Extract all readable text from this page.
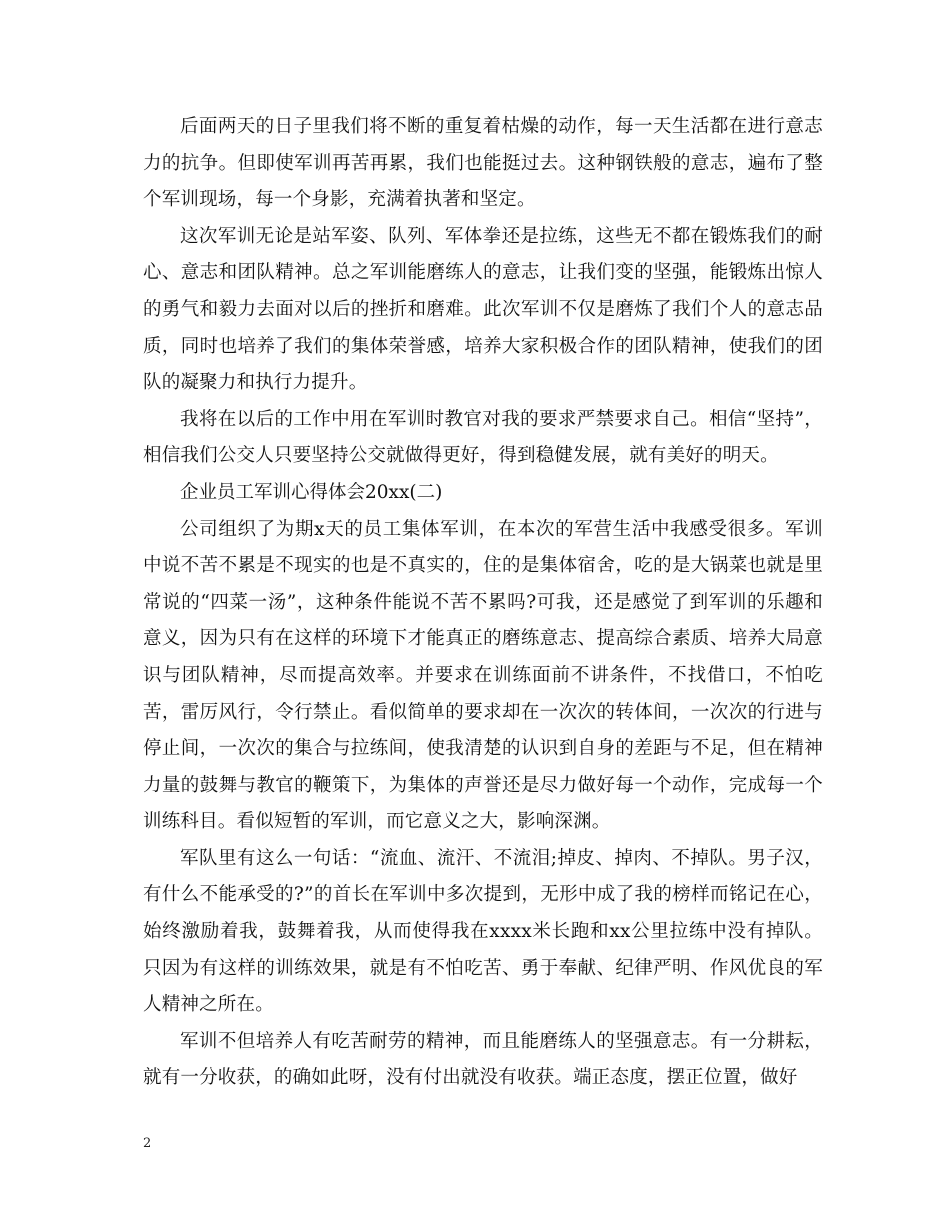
后面两天的日子里我们将不断的重复着枯燥的动作，每一天生活都在进行意志力的抗争。但即使军训再苦再累，我们也能挺过去。这种钢铁般的意志，遍布了整个军训现场，每一个身影，充满着执著和坚定。

这次军训无论是站军姿、队列、军体拳还是拉练，这些无不都在锻炼我们的耐心、意志和团队精神。总之军训能磨练人的意志，让我们变的坚强，能锻炼出惊人的勇气和毅力去面对以后的挫折和磨难。此次军训不仅是磨炼了我们个人的意志品质，同时也培养了我们的集体荣誉感，培养大家积极合作的团队精神，使我们的团队的凝聚力和执行力提升。

我将在以后的工作中用在军训时教官对我的要求严禁要求自己。相信“坚持”，相信我们公交人只要坚持公交就做得更好，得到稳健发展，就有美好的明天。

企业员工军训心得体会20xx(二)

公司组织了为期x天的员工集体军训，在本次的军营生活中我感受很多。军训中说不苦不累是不现实的也是不真实的，住的是集体宿舍，吃的是大锅菜也就是里常说的“四菜一汤”，这种条件能说不苦不累吗?可我，还是感觉了到军训的乐趣和意义，因为只有在这样的环境下才能真正的磨练意志、提高综合素质、培养大局意识与团队精神，尽而提高效率。并要求在训练面前不讲条件，不找借口，不怕吃苦，雷厉风行，令行禁止。看似简单的要求却在一次次的转体间，一次次的行进与停止间，一次次的集合与拉练间，使我清楚的认识到自身的差距与不足，但在精神力量的鼓舞与教官的鞭策下，为集体的声誉还是尽力做好每一个动作，完成每一个训练科目。看似短暂的军训，而它意义之大，影响深渊。

军队里有这么一句话：“流血、流汗、不流泪;掉皮、掉肉、不掉队。男子汉，有什么不能承受的?”的首长在军训中多次提到，无形中成了我的榜样而铭记在心，始终激励着我，鼓舞着我，从而使得我在xxxx米长跑和xx公里拉练中没有掉队。只因为有这样的训练效果，就是有不怕吃苦、勇于奉献、纪律严明、作风优良的军人精神之所在。

军训不但培养人有吃苦耐劳的精神，而且能磨练人的坚强意志。有一分耕耘，就有一分收获，的确如此呀，没有付出就没有收获。端正态度，摆正位置，做好

2
